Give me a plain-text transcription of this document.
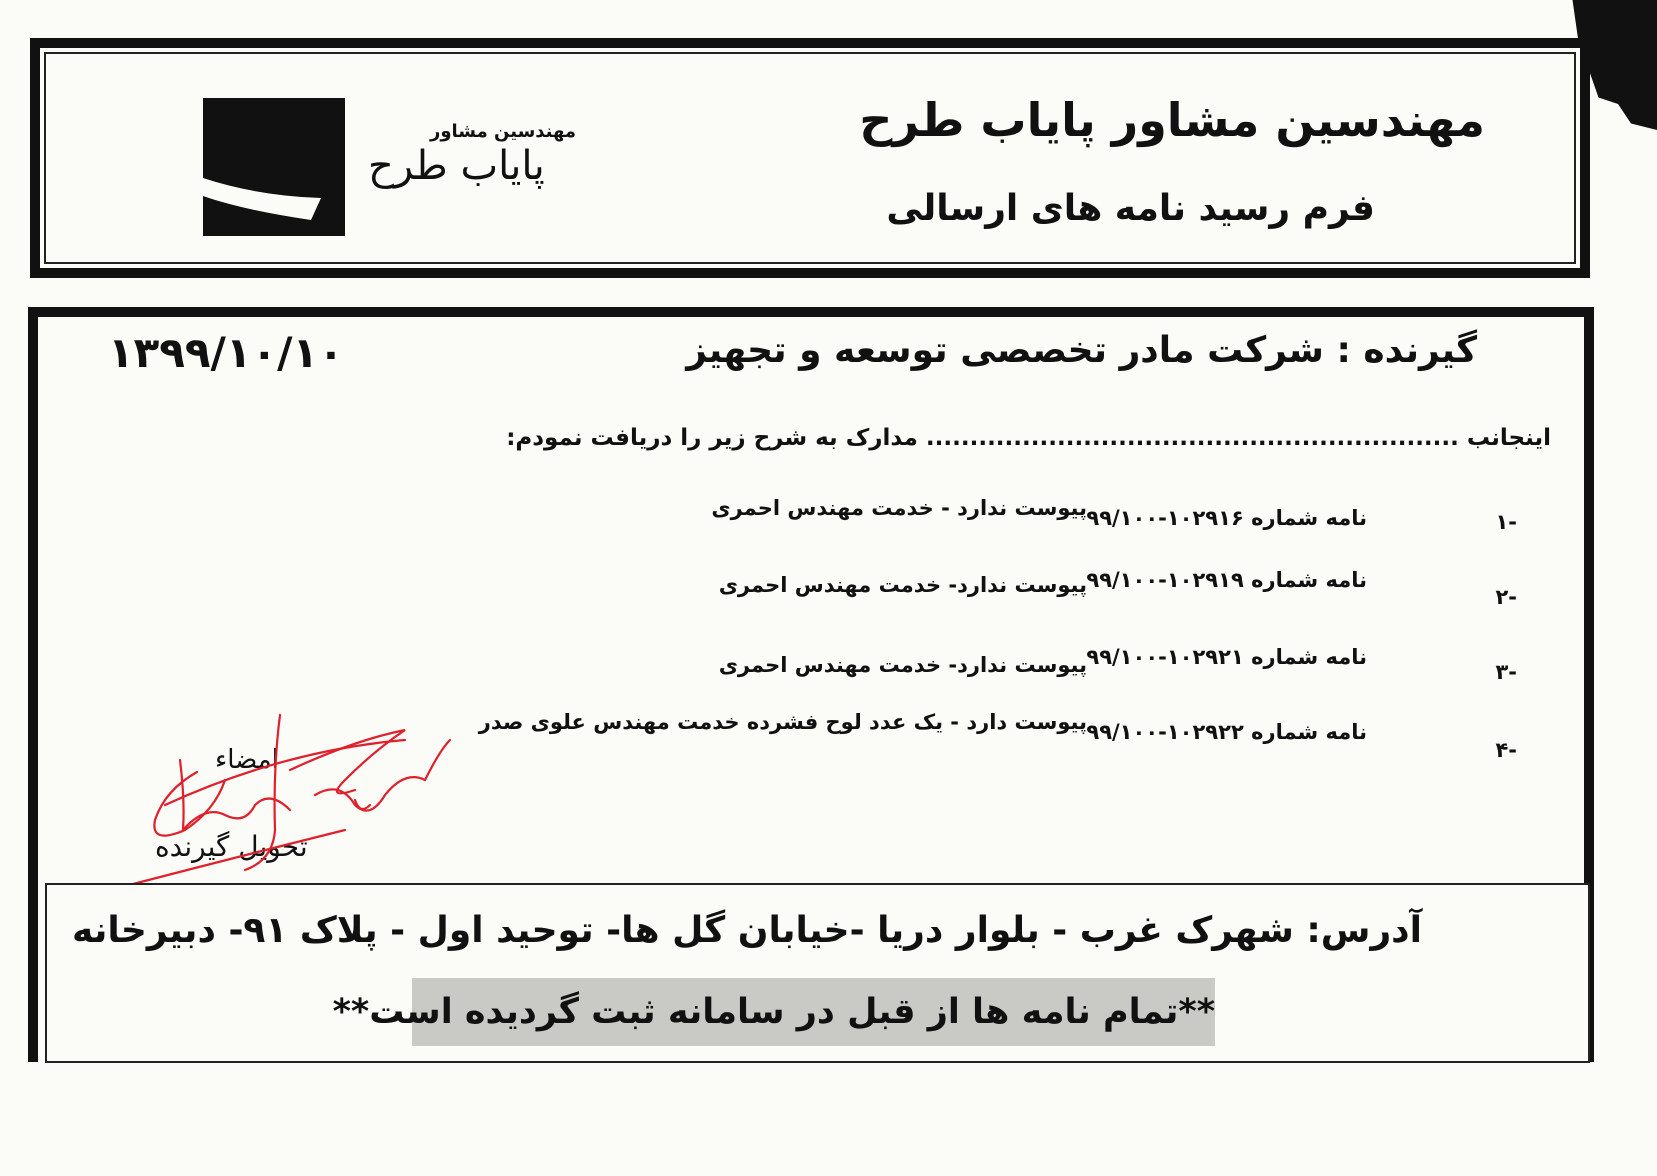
مهندسین مشاور
پایاب طرح
مهندسین مشاور پایاب طرح
فرم رسید نامه های ارسالی
گیرنده : شرکت مادر تخصصی توسعه و تجهیز
۱۳۹۹/۱۰/۱۰
اینجانب ............................................................. مدارک به شرح زیر را دریافت نمودم:
-۱
نامه شماره ۱۰۲۹۱۶-۹۹/۱۰۰
پیوست ندارد - خدمت مهندس احمری
-۲
نامه شماره ۱۰۲۹۱۹-۹۹/۱۰۰
پیوست ندارد- خدمت مهندس احمری
-۳
نامه شماره ۱۰۲۹۲۱-۹۹/۱۰۰
پیوست ندارد- خدمت مهندس احمری
-۴
نامه شماره ۱۰۲۹۲۲-۹۹/۱۰۰
پیوست دارد - یک عدد لوح فشرده خدمت مهندس علوی صدر
امضاء
تحویل گیرنده
آدرس: شهرک غرب - بلوار دریا -خیابان گل ها- توحید اول - پلاک ۹۱- دبیرخانه
**تمام نامه ها از قبل در سامانه ثبت گردیده است**
